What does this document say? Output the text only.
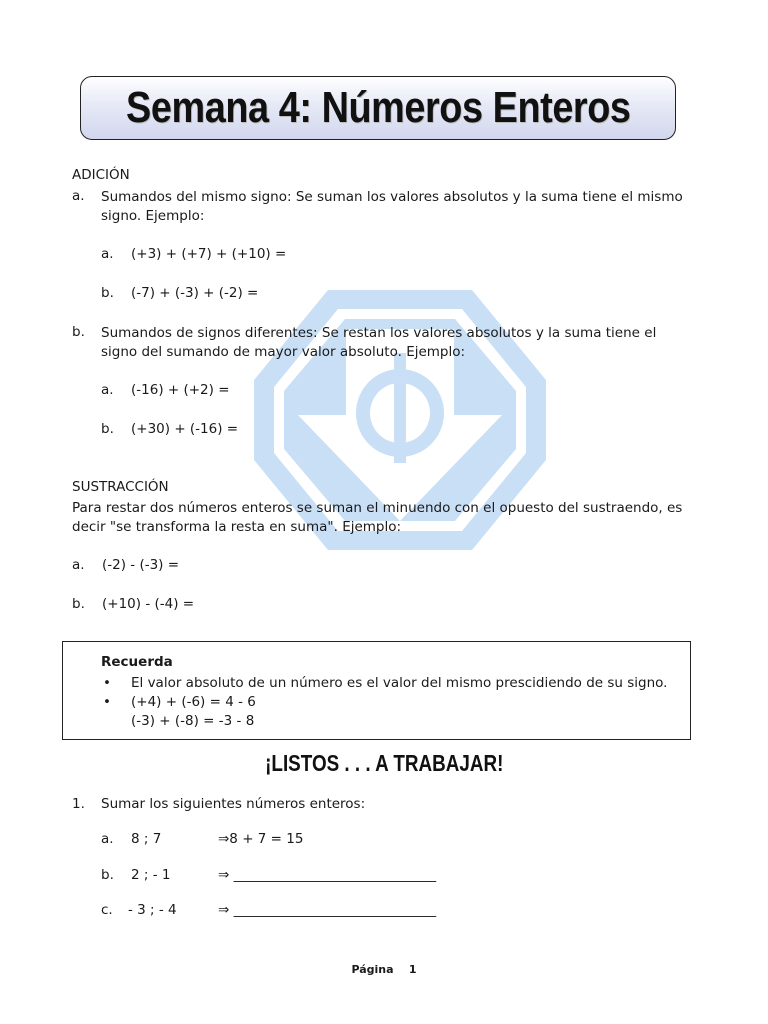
Semana 4: Números Enteros
ADICIÓN
a. Sumandos del mismo signo: Se suman los valores absolutos y la suma tiene el mismo
signo. Ejemplo:
a. (+3) + (+7) + (+10) =
b. (-7) + (-3) + (-2) =
b. Sumandos de signos diferentes: Se restan los valores absolutos y la suma tiene el
signo del sumando de mayor valor absoluto. Ejemplo:
a. (-16) + (+2) =
b. (+30) + (-16) =
SUSTRACCIÓN
Para restar dos números enteros se suman el minuendo con el opuesto del sustraendo, es
decir "se transforma la resta en suma". Ejemplo:
a. (-2) - (-3) =
b. (+10) - (-4) =
Recuerda
• El valor absoluto de un número es el valor del mismo prescidiendo de su signo.
• (+4) + (-6) = 4 - 6
(-3) + (-8) = -3 - 8
¡LISTOS . . . A TRABAJAR!
1. Sumar los siguientes números enteros:
a. 8 ; 7	⇒8 + 7 = 15
b. 2 ; - 1	⇒ ______________________________
c. - 3 ; - 4	⇒ ______________________________
Página 1
